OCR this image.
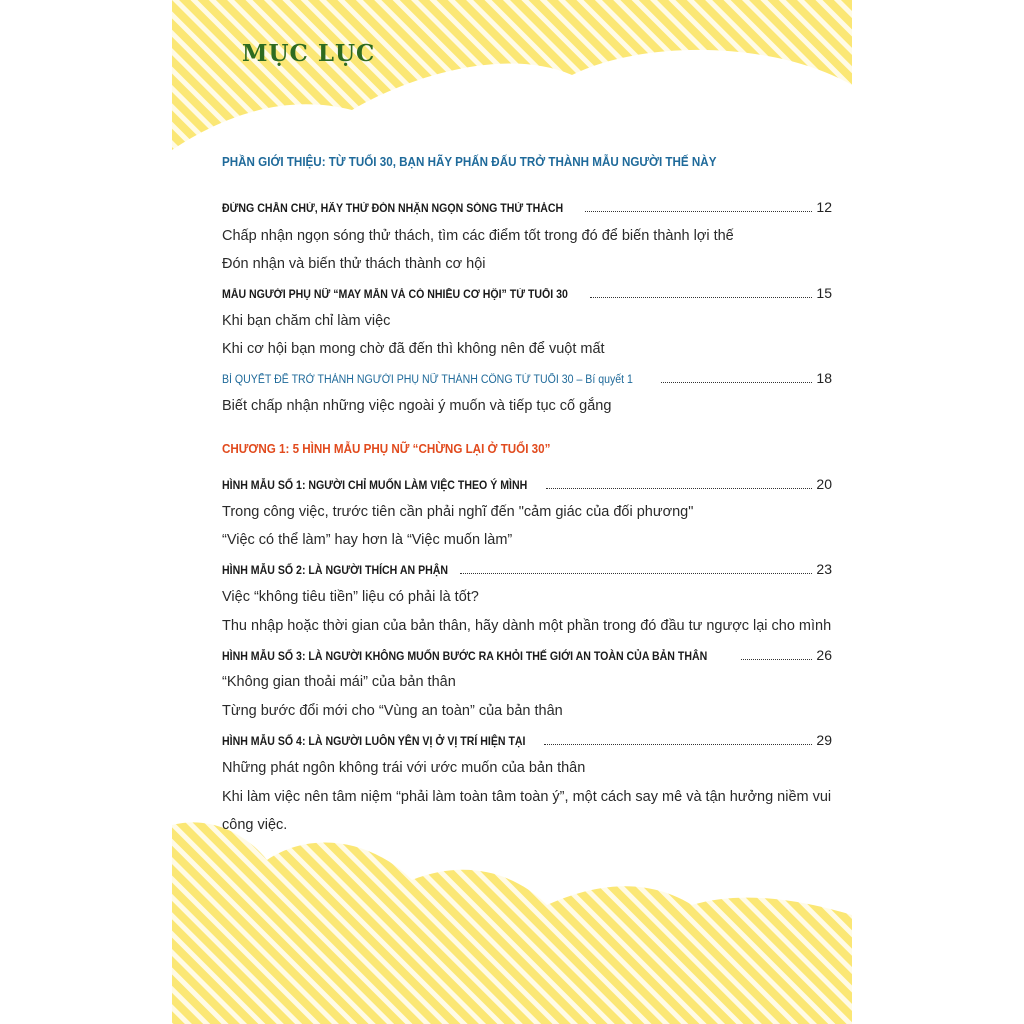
MỤC LỤC

PHẦN GIỚI THIỆU: TỪ TUỔI 30, BẠN HÃY PHẤN ĐẤU TRỞ THÀNH MẪU NGƯỜI THẾ NÀY

ĐỪNG CHẦN CHỪ, HÃY THỬ ĐÓN NHẬN NGỌN SÓNG THỬ THÁCH	12

Chấp nhận ngọn sóng thử thách, tìm các điểm tốt trong đó để biến thành lợi thế

Đón nhận và biến thử thách thành cơ hội

MẪU NGƯỜI PHỤ NỮ “MAY MẮN VÀ CÓ NHIỀU CƠ HỘI” TỪ TUỔI 30	15

Khi bạn chăm chỉ làm việc

Khi cơ hội bạn mong chờ đã đến thì không nên để vuột mất

BÍ QUYẾT ĐỂ TRỞ THÀNH NGƯỜI PHỤ NỮ THÀNH CÔNG TỪ TUỔI 30 – Bí quyết 1	18

Biết chấp nhận những việc ngoài ý muốn và tiếp tục cố gắng

CHƯƠNG 1: 5 HÌNH MẪU PHỤ NỮ “CHỪNG LẠI Ở TUỔI 30”

HÌNH MẪU SỐ 1: NGƯỜI CHỈ MUỐN LÀM VIỆC THEO Ý MÌNH	20

Trong công việc, trước tiên cần phải nghĩ đến "cảm giác của đối phương"

“Việc có thể làm” hay hơn là “Việc muốn làm”

HÌNH MẪU SỐ 2: LÀ NGƯỜI THÍCH AN PHẬN	23

Việc “không tiêu tiền” liệu có phải là tốt?

Thu nhập hoặc thời gian của bản thân, hãy dành một phần trong đó đầu tư ngược lại cho mình

HÌNH MẪU SỐ 3: LÀ NGƯỜI KHÔNG MUỐN BƯỚC RA KHỎI THẾ GIỚI AN TOÀN CỦA BẢN THÂN	26

“Không gian thoải mái” của bản thân

Từng bước đổi mới cho “Vùng an toàn” của bản thân

HÌNH MẪU SỐ 4: LÀ NGƯỜI LUÔN YÊN VỊ Ở VỊ TRÍ HIỆN TẠI	29

Những phát ngôn không trái với ước muốn của bản thân

Khi làm việc nên tâm niệm “phải làm toàn tâm toàn ý”, một cách say mê và tận hưởng niềm vui

công việc.
